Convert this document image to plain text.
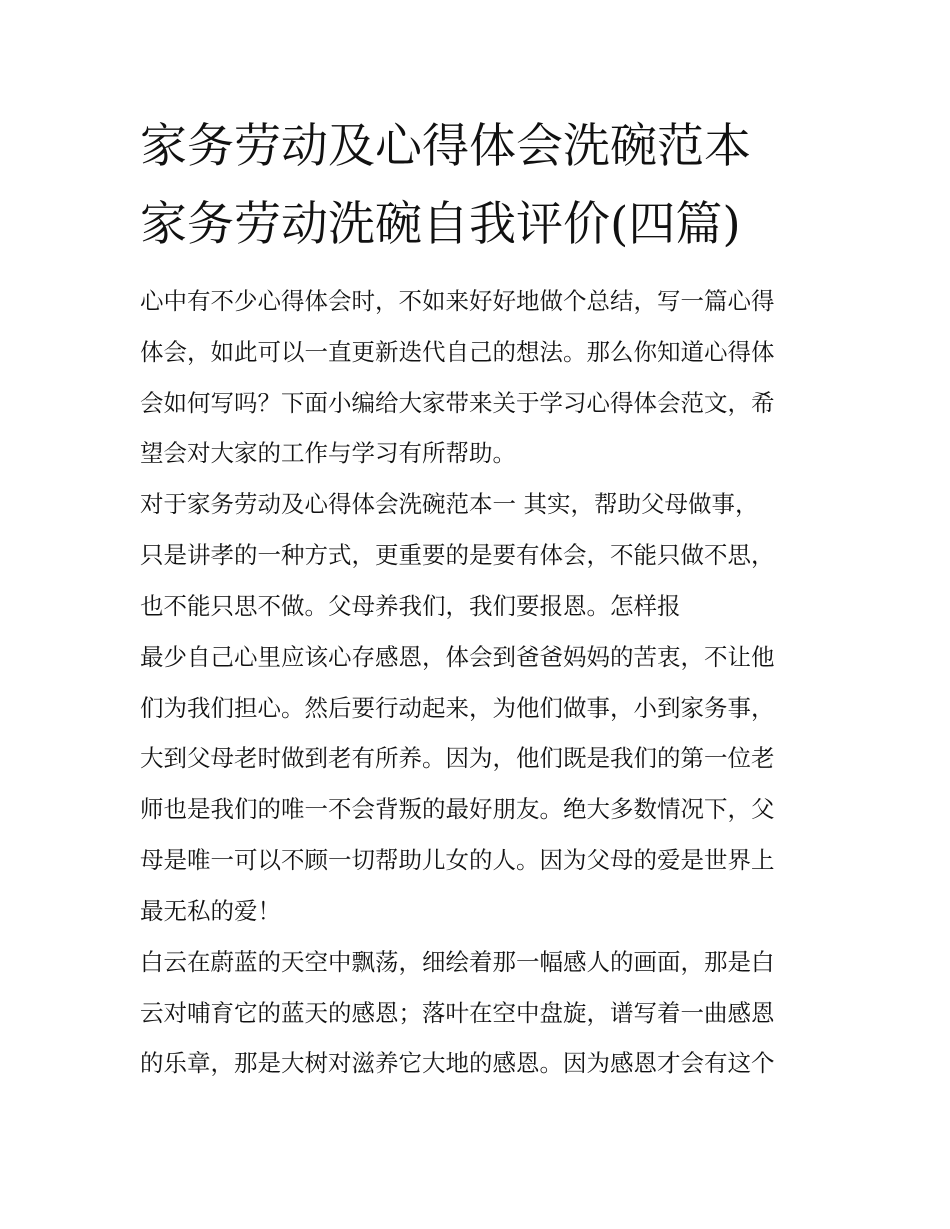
家务劳动及心得体会洗碗范本
家务劳动洗碗自我评价(四篇)

心中有不少心得体会时，不如来好好地做个总结，写一篇心得

体会，如此可以一直更新迭代自己的想法。那么你知道心得体

会如何写吗？下面小编给大家带来关于学习心得体会范文，希

望会对大家的工作与学习有所帮助。

对于家务劳动及心得体会洗碗范本一 其实，帮助父母做事，

只是讲孝的一种方式，更重要的是要有体会，不能只做不思，

也不能只思不做。父母养我们，我们要报恩。怎样报

最少自己心里应该心存感恩，体会到爸爸妈妈的苦衷，不让他

们为我们担心。然后要行动起来，为他们做事，小到家务事，

大到父母老时做到老有所养。因为，他们既是我们的第一位老

师也是我们的唯一不会背叛的最好朋友。绝大多数情况下，父

母是唯一可以不顾一切帮助儿女的人。因为父母的爱是世界上

最无私的爱！

白云在蔚蓝的天空中飘荡，细绘着那一幅感人的画面，那是白

云对哺育它的蓝天的感恩；落叶在空中盘旋，谱写着一曲感恩

的乐章，那是大树对滋养它大地的感恩。因为感恩才会有这个
